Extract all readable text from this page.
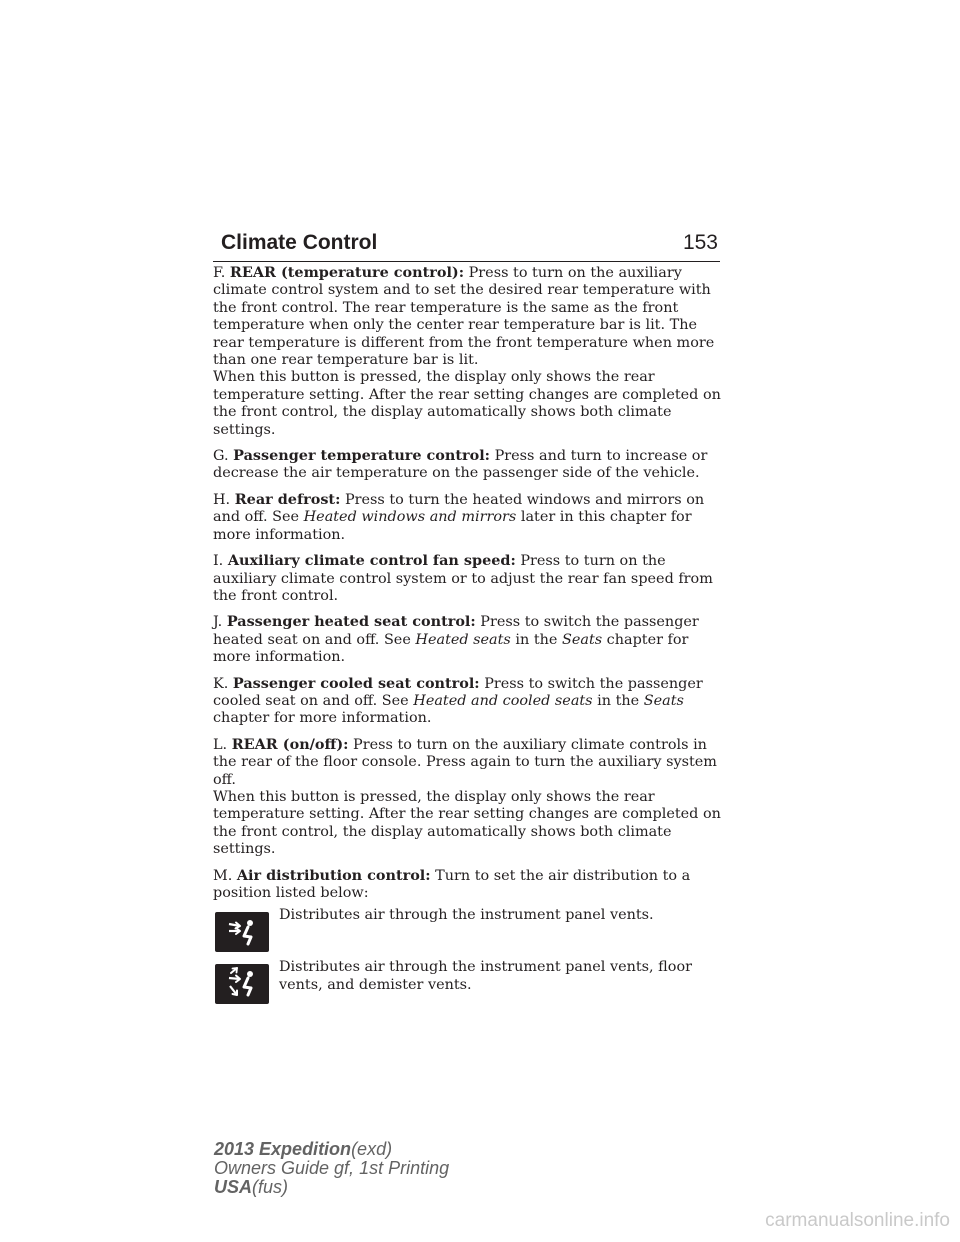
Climate Control	153

F. REAR (temperature control): Press to turn on the auxiliary climate control system and to set the desired rear temperature with the front control. The rear temperature is the same as the front temperature when only the center rear temperature bar is lit. The rear temperature is different from the front temperature when more than one rear temperature bar is lit.

When this button is pressed, the display only shows the rear temperature setting. After the rear setting changes are completed on the front control, the display automatically shows both climate settings.

G. Passenger temperature control: Press and turn to increase or decrease the air temperature on the passenger side of the vehicle.

H. Rear defrost: Press to turn the heated windows and mirrors on and off. See Heated windows and mirrors later in this chapter for more information.

I. Auxiliary climate control fan speed: Press to turn on the auxiliary climate control system or to adjust the rear fan speed from the front control.

J. Passenger heated seat control: Press to switch the passenger heated seat on and off. See Heated seats in the Seats chapter for more information.

K. Passenger cooled seat control: Press to switch the passenger cooled seat on and off. See Heated and cooled seats in the Seats chapter for more information.

L. REAR (on/off): Press to turn on the auxiliary climate controls in the rear of the floor console. Press again to turn the auxiliary system off.

When this button is pressed, the display only shows the rear temperature setting. After the rear setting changes are completed on the front control, the display automatically shows both climate settings.

M. Air distribution control: Turn to set the air distribution to a position listed below:

Distributes air through the instrument panel vents.
Distributes air through the instrument panel vents, floor vents, and demister vents.
2013 Expedition(exd)
Owners Guide gf, 1st Printing
USA(fus)
carmanualsonline.info
